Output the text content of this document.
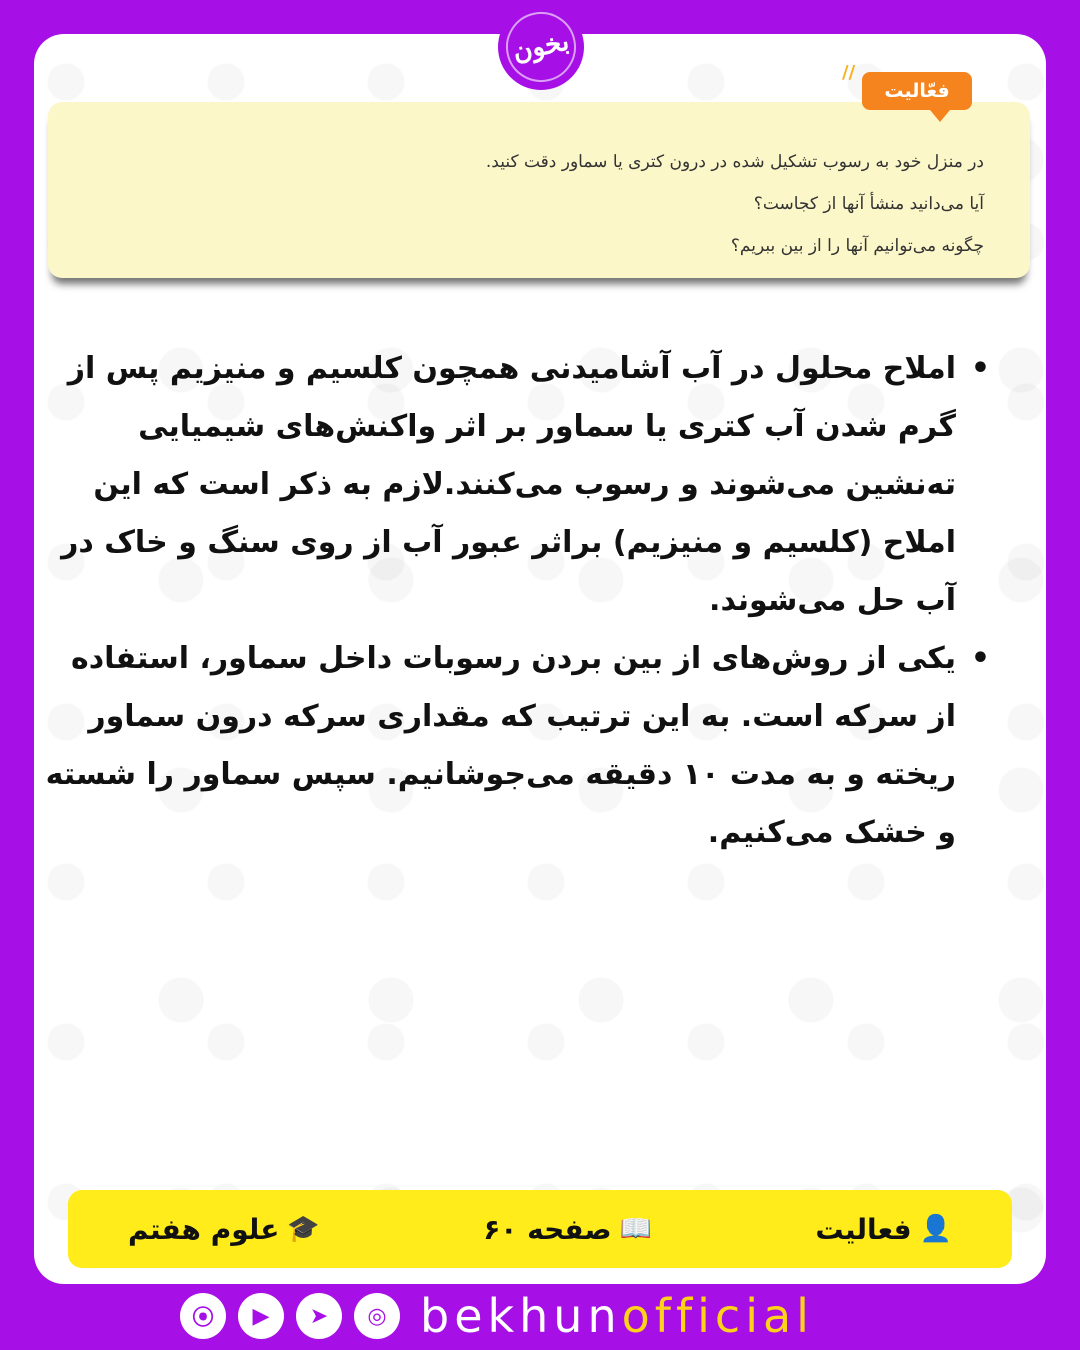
بخون
//
فعّالیت
در منزل خود به رسوب تشکیل شده در درون کتری یا سماور دقت کنید.
آیا می‌دانید منشأ آنها از کجاست؟
چگونه می‌توانیم آنها را از بین ببریم؟
• املاح محلول در آب آشامیدنی همچون کلسیم و منیزیم پس از گرم شدن آب کتری یا سماور بر اثر واکنش‌های شیمیایی ته‌نشین می‌شوند و رسوب می‌کنند.لازم به ذکر است که این املاح (کلسیم و منیزیم) براثر عبور آب از روی سنگ و خاک در آب حل می‌شوند.
• یکی از روش‌های از بین بردن رسوبات داخل سماور، استفاده از سرکه است. به این ترتیب که مقداری سرکه درون سماور ریخته و به مدت ۱۰ دقیقه می‌جوشانیم. سپس سماور را شسته و خشک می‌کنیم.
👤
فعالیت
📖
صفحه ۶۰
🎓
علوم هفتم
⦿	▶	➤	◎ bekhunofficial
